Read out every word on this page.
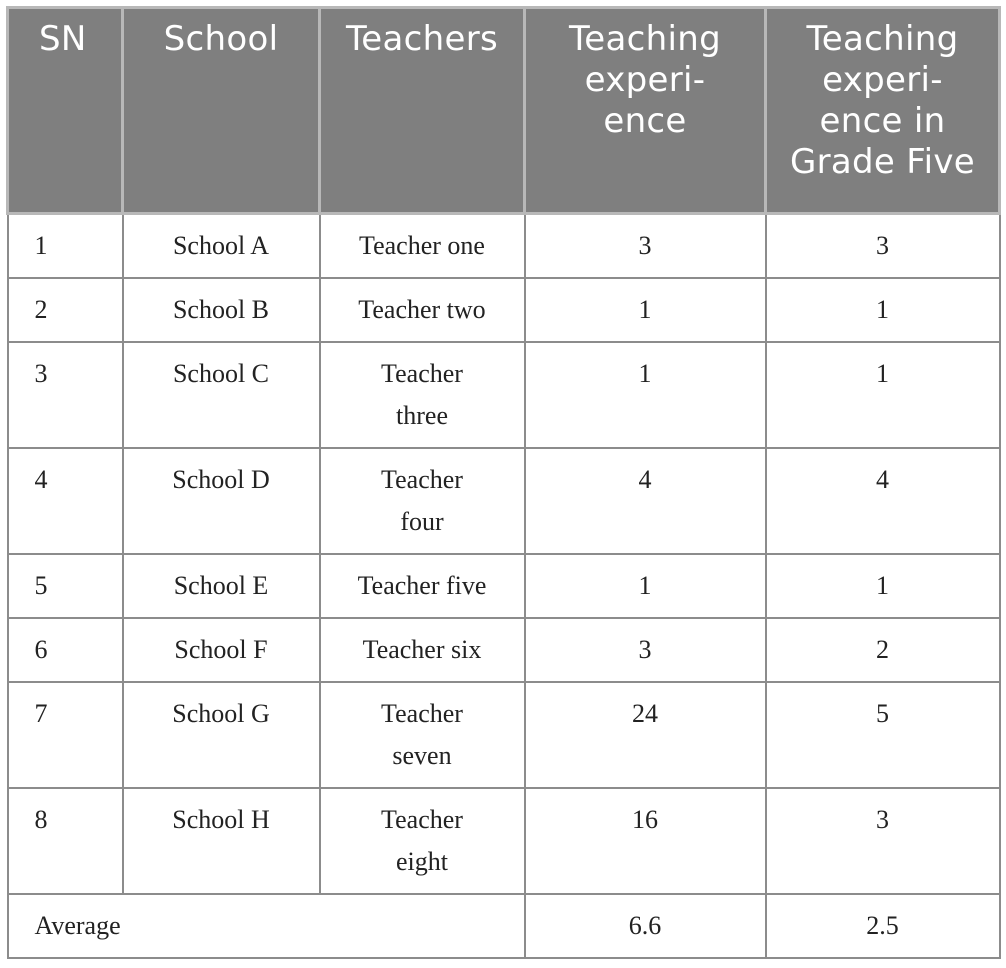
SN	School	Teachers	Teaching experi-ence	Teaching experi-ence in Grade Five
1	School A	Teacher one	3	3
2	School B	Teacher two	1	1
3	School C	Teacher three	1	1
4	School D	Teacher four	4	4
5	School E	Teacher five	1	1
6	School F	Teacher six	3	2
7	School G	Teacher seven	24	5
8	School H	Teacher eight	16	3
Average			6.6	2.5
